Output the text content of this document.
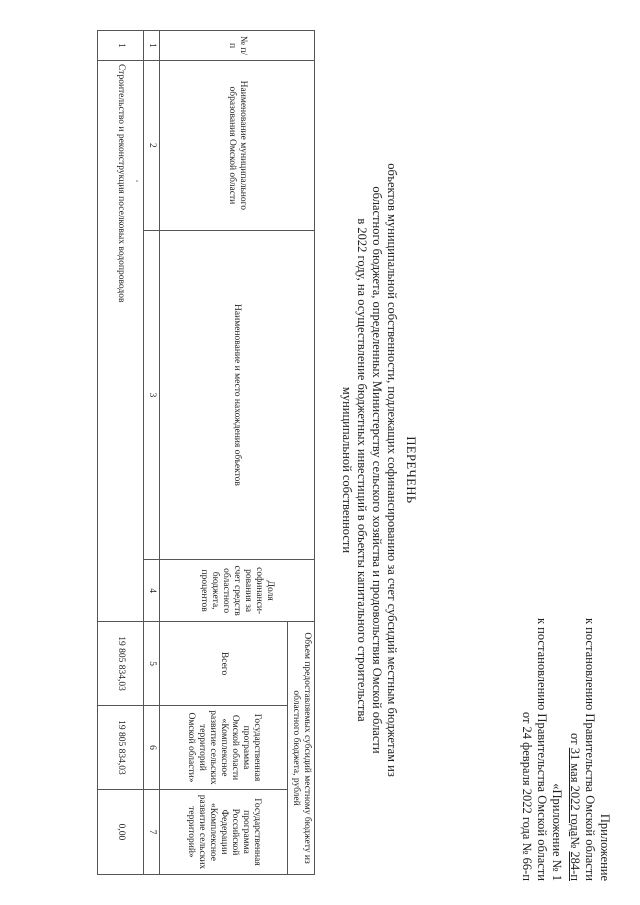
Приложение
к постановлению Правительства Омской области
от 31 мая 2022 года№ 284-п
«Приложение № 1
к постановлению Правительства Омской области
от 24 февраля 2022 года № 66-п
ПЕРЕЧЕНЬ
объектов муниципальной собственности, подлежащих софинансированию за счет субсидий местным бюджетам из
областного бюджета, определенных Министерству сельского хозяйства и продовольствия Омской области
в 2022 году, на осуществление бюджетных инвестиций в объекты капитального строительства
муниципальной собственности
№ п/п	Наименование муниципального образования Омской области	Наименование и место нахождения объектов	Доля софинанси-рования за счет средств областного бюджета, процентов	Объем предоставляемых субсидий местному бюджету из областного бюджета, рублей		
				Всего	Государственная программа Омской области «Комплексное развитие сельских территорий Омской области»	Государственная программа Российской Федерации «Комплексное развитие сельских территорий»
1	2	3	4	5	6	7
1	Строительство и реконструкция поселковых водопроводов			19 805 834,03	19 805 834,03	0,00
